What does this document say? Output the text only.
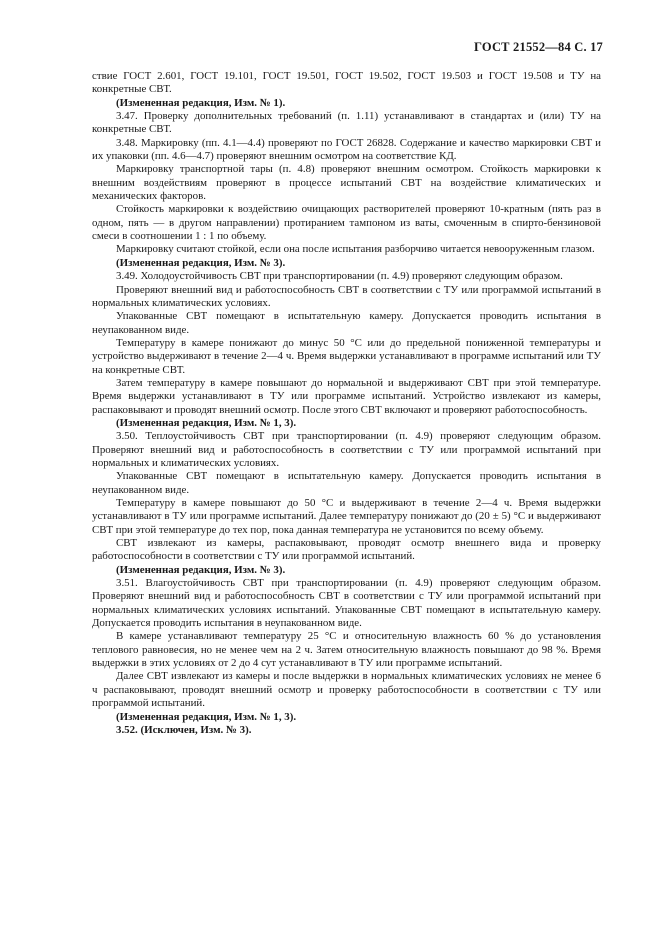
ГОСТ 21552—84 С. 17

ствие ГОСТ 2.601, ГОСТ 19.101, ГОСТ 19.501, ГОСТ 19.502, ГОСТ 19.503 и ГОСТ 19.508 и ТУ на конкретные СВТ.

(Измененная редакция, Изм. № 1).

3.47. Проверку дополнительных требований (п. 1.11) устанавливают в стандартах и (или) ТУ на конкретные СВТ.

3.48. Маркировку (пп. 4.1—4.4) проверяют по ГОСТ 26828. Содержание и качество маркировки СВТ и их упаковки (пп. 4.6—4.7) проверяют внешним осмотром на соответствие КД.

Маркировку транспортной тары (п. 4.8) проверяют внешним осмотром. Стойкость маркировки к внешним воздействиям проверяют в процессе испытаний СВТ на воздействие климатических и механических факторов.

Стойкость маркировки к воздействию очищающих растворителей проверяют 10-кратным (пять раз в одном, пять — в другом направлении) протиранием тампоном из ваты, смоченным в спирто-бензиновой смеси в соотношении 1 : 1 по объему.

Маркировку считают стойкой, если она после испытания разборчиво читается невооруженным глазом.

(Измененная редакция, Изм. № 3).

3.49. Холодоустойчивость СВТ при транспортировании (п. 4.9) проверяют следующим образом.

Проверяют внешний вид и работоспособность СВТ в соответствии с ТУ или программой испытаний в нормальных климатических условиях.

Упакованные СВТ помещают в испытательную камеру. Допускается проводить испытания в неупакованном виде.

Температуру в камере понижают до минус 50 °С или до предельной пониженной температуры и устройство выдерживают в течение 2—4 ч. Время выдержки устанавливают в программе испытаний или ТУ на конкретные СВТ.

Затем температуру в камере повышают до нормальной и выдерживают СВТ при этой температуре. Время выдержки устанавливают в ТУ или программе испытаний. Устройство извлекают из камеры, распаковывают и проводят внешний осмотр. После этого СВТ включают и проверяют работоспособность.

(Измененная редакция, Изм. № 1, 3).

3.50. Теплоустойчивость СВТ при транспортировании (п. 4.9) проверяют следующим образом. Проверяют внешний вид и работоспособность в соответствии с ТУ или программой испытаний при нормальных и климатических условиях.

Упакованные СВТ помещают в испытательную камеру. Допускается проводить испытания в неупакованном виде.

Температуру в камере повышают до 50 °С и выдерживают в течение 2—4 ч. Время выдержки устанавливают в ТУ или программе испытаний. Далее температуру понижают до (20 ± 5) °С и выдерживают СВТ при этой температуре до тех пор, пока данная температура не установится по всему объему.

СВТ извлекают из камеры, распаковывают, проводят осмотр внешнего вида и проверку работоспособности в соответствии с ТУ или программой испытаний.

(Измененная редакция, Изм. № 3).

3.51. Влагоустойчивость СВТ при транспортировании (п. 4.9) проверяют следующим образом. Проверяют внешний вид и работоспособность СВТ в соответствии с ТУ или программой испытаний при нормальных климатических условиях испытаний. Упакованные СВТ помещают в испытательную камеру. Допускается проводить испытания в неупакованном виде.

В камере устанавливают температуру 25 °С и относительную влажность 60 % до установления теплового равновесия, но не менее чем на 2 ч. Затем относительную влажность повышают до 98 %. Время выдержки в этих условиях от 2 до 4 сут устанавливают в ТУ или программе испытаний.

Далее СВТ извлекают из камеры и после выдержки в нормальных климатических условиях не менее 6 ч распаковывают, проводят внешний осмотр и проверку работоспособности в соответствии с ТУ или программой испытаний.

(Измененная редакция, Изм. № 1, 3).

3.52. (Исключен, Изм. № 3).
